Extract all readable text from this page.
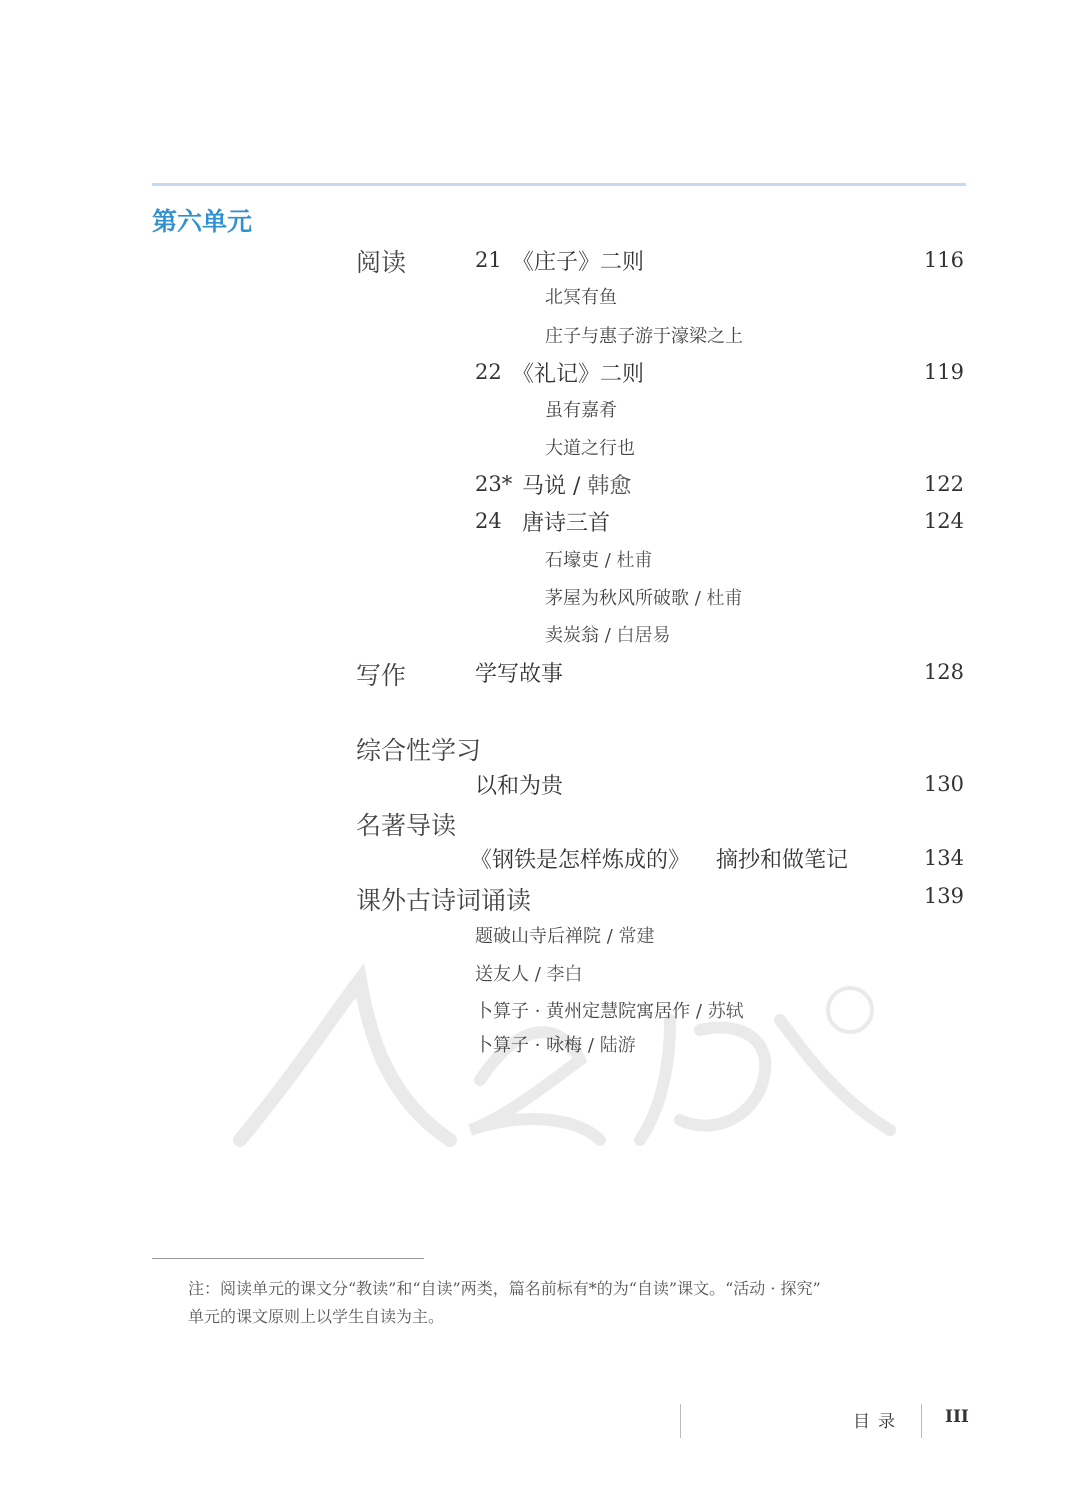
第六单元
阅读	21 《庄子》二则	116
北冥有鱼
庄子与惠子游于濠梁之上
22 《礼记》二则	119
虽有嘉肴
大道之行也
23* 马说 / 韩愈	122
24 唐诗三首	124
石壕吏 / 杜甫
茅屋为秋风所破歌 / 杜甫
卖炭翁 / 白居易
写作	学写故事	128
综合性学习
以和为贵	130
名著导读
《钢铁是怎样炼成的》 摘抄和做笔记	134
课外古诗词诵读	139
题破山寺后禅院 / 常建
送友人 / 李白
卜算子 · 黄州定慧院寓居作 / 苏轼
卜算子 · 咏梅 / 陆游
注：阅读单元的课文分“教读”和“自读”两类，篇名前标有*的为“自读”课文。“活动 · 探究”
单元的课文原则上以学生自读为主。
目录 III
